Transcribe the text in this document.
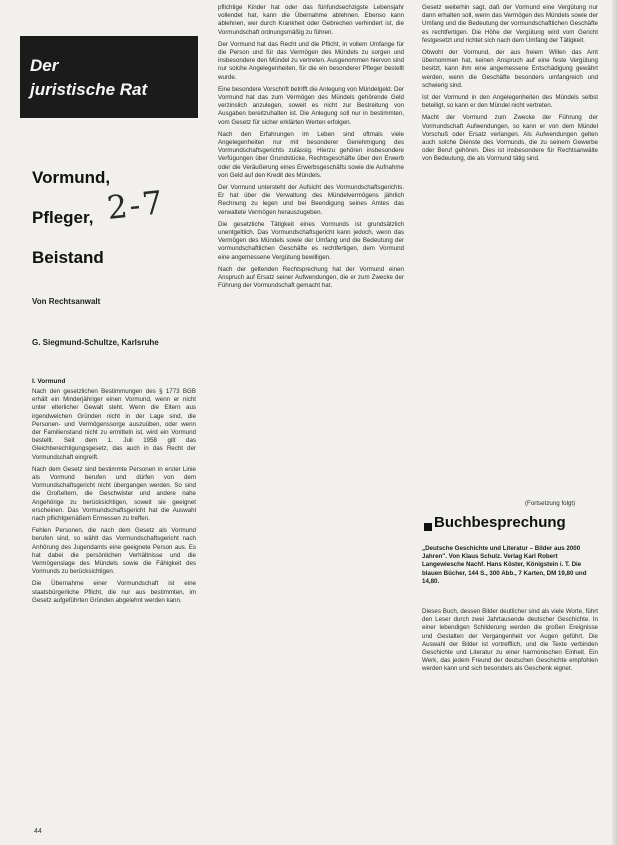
Der
juristische Rat
Vormund,
Pfleger,
Beistand
2-7
Von Rechtsanwalt
G. Siegmund-Schultze, Karlsruhe
I. Vormund

Nach den gesetzlichen Bestimmungen des § 1773 BGB erhält ein Minderjähriger einen Vormund, wenn er nicht unter elterlicher Gewalt steht. Wenn die Eltern aus irgendwelchen Gründen nicht in der Lage sind, die Personen- und Vermögenssorge auszuüben, oder wenn der Familienstand nicht zu ermitteln ist, wird ein Vormund bestellt. Seit dem 1. Juli 1958 gilt das Gleichberechtigungsgesetz, das auch in das Recht der Vormundschaft eingreift.

Nach dem Gesetz sind bestimmte Personen in erster Linie als Vormund berufen und dürfen von dem Vormundschaftsgericht nicht übergangen werden. So sind die Großeltern, die Geschwister und andere nahe Angehörige zu berücksichtigen, soweit sie geeignet erscheinen. Das Vormundschaftsgericht hat die Auswahl nach pflichtgemäßem Ermessen zu treffen.

Fehlen Personen, die nach dem Gesetz als Vormund berufen sind, so wählt das Vormundschaftsgericht nach Anhörung des Jugendamts eine geeignete Person aus. Es hat dabei die persönlichen Verhältnisse und die Vermögenslage des Mündels sowie die Fähigkeit des Vormunds zu berücksichtigen.

Die Übernahme einer Vormundschaft ist eine staatsbürgerliche Pflicht, die nur aus bestimmten, im Gesetz aufgeführten Gründen abgelehnt werden kann.

pflichtige Kinder hat oder das fünfundsechzigste Lebensjahr vollendet hat, kann die Übernahme ablehnen. Ebenso kann ablehnen, wer durch Krankheit oder Gebrechen verhindert ist, die Vormundschaft ordnungsmäßig zu führen.

Der Vormund hat das Recht und die Pflicht, in vollem Umfange für die Person und für das Vermögen des Mündels zu sorgen und insbesondere den Mündel zu vertreten. Ausgenommen hiervon sind nur solche Angelegenheiten, für die ein besonderer Pfleger bestellt wurde.

Eine besondere Vorschrift betrifft die Anlegung von Mündelgeld. Der Vormund hat das zum Vermögen des Mündels gehörende Geld verzinslich anzulegen, soweit es nicht zur Bestreitung von Ausgaben bereitzuhalten ist. Die Anlegung soll nur in bestimmten, vom Gesetz für sicher erklärten Werten erfolgen.

Nach den Erfahrungen im Leben sind oftmals viele Angelegenheiten nur mit besonderer Genehmigung des Vormundschaftsgerichts zulässig. Hierzu gehören insbesondere Verfügungen über Grundstücke, Rechtsgeschäfte über den Erwerb oder die Veräußerung eines Erwerbsgeschäfts sowie die Aufnahme von Geld auf den Kredit des Mündels.

Der Vormund untersteht der Aufsicht des Vormundschaftsgerichts. Er hat über die Verwaltung des Mündelvermögens jährlich Rechnung zu legen und bei Beendigung seines Amtes das verwaltete Vermögen herauszugeben.

Die gesetzliche Tätigkeit eines Vormunds ist grundsätzlich unentgeltlich. Das Vormundschaftsgericht kann jedoch, wenn das Vermögen des Mündels sowie der Umfang und die Bedeutung der vormundschaftlichen Geschäfte es rechtfertigen, dem Vormund eine angemessene Vergütung bewilligen.

Nach der geltenden Rechtsprechung hat der Vormund einen Anspruch auf Ersatz seiner Aufwendungen, die er zum Zwecke der Führung der Vormundschaft gemacht hat.

Gesetz weiterhin sagt, daß der Vormund eine Vergütung nur dann erhalten soll, wenn das Vermögen des Mündels sowie der Umfang und die Bedeutung der vormundschaftlichen Geschäfte es rechtfertigen. Die Höhe der Vergütung wird vom Gericht festgesetzt und richtet sich nach dem Umfang der Tätigkeit.

Obwohl der Vormund, der aus freiem Willen das Amt übernommen hat, keinen Anspruch auf eine feste Vergütung besitzt, kann ihm eine angemessene Entschädigung gewährt werden, wenn die Geschäfte besonders umfangreich und schwierig sind.

Ist der Vormund in den Angelegenheiten des Mündels selbst beteiligt, so kann er den Mündel nicht vertreten.

Macht der Vormund zum Zwecke der Führung der Vormundschaft Aufwendungen, so kann er von dem Mündel Vorschuß oder Ersatz verlangen. Als Aufwendungen gelten auch solche Dienste des Vormunds, die zu seinem Gewerbe oder Beruf gehören. Dies ist insbesondere für Rechtsanwälte von Bedeutung, die als Vormund tätig sind.

(Fortsetzung folgt)
Buchbesprechung
„Deutsche Geschichte und Literatur – Bilder aus 2000 Jahren". Von Klaus Schulz. Verlag Karl Robert Langewiesche Nachf. Hans Köster, Königstein i. T. Die blauen Bücher, 144 S., 300 Abb., 7 Karten, DM 19,80 und 14,80.

Dieses Buch, dessen Bilder deutlicher sind als viele Worte, führt den Leser durch zwei Jahrtausende deutscher Geschichte. In einer lebendigen Schilderung werden die großen Ereignisse und Gestalten der Vergangenheit vor Augen geführt. Die Auswahl der Bilder ist vortrefflich, und die Texte verbinden Geschichte und Literatur zu einer harmonischen Einheit. Ein Werk, das jedem Freund der deutschen Geschichte empfohlen werden kann und sich besonders als Geschenk eignet.

44
